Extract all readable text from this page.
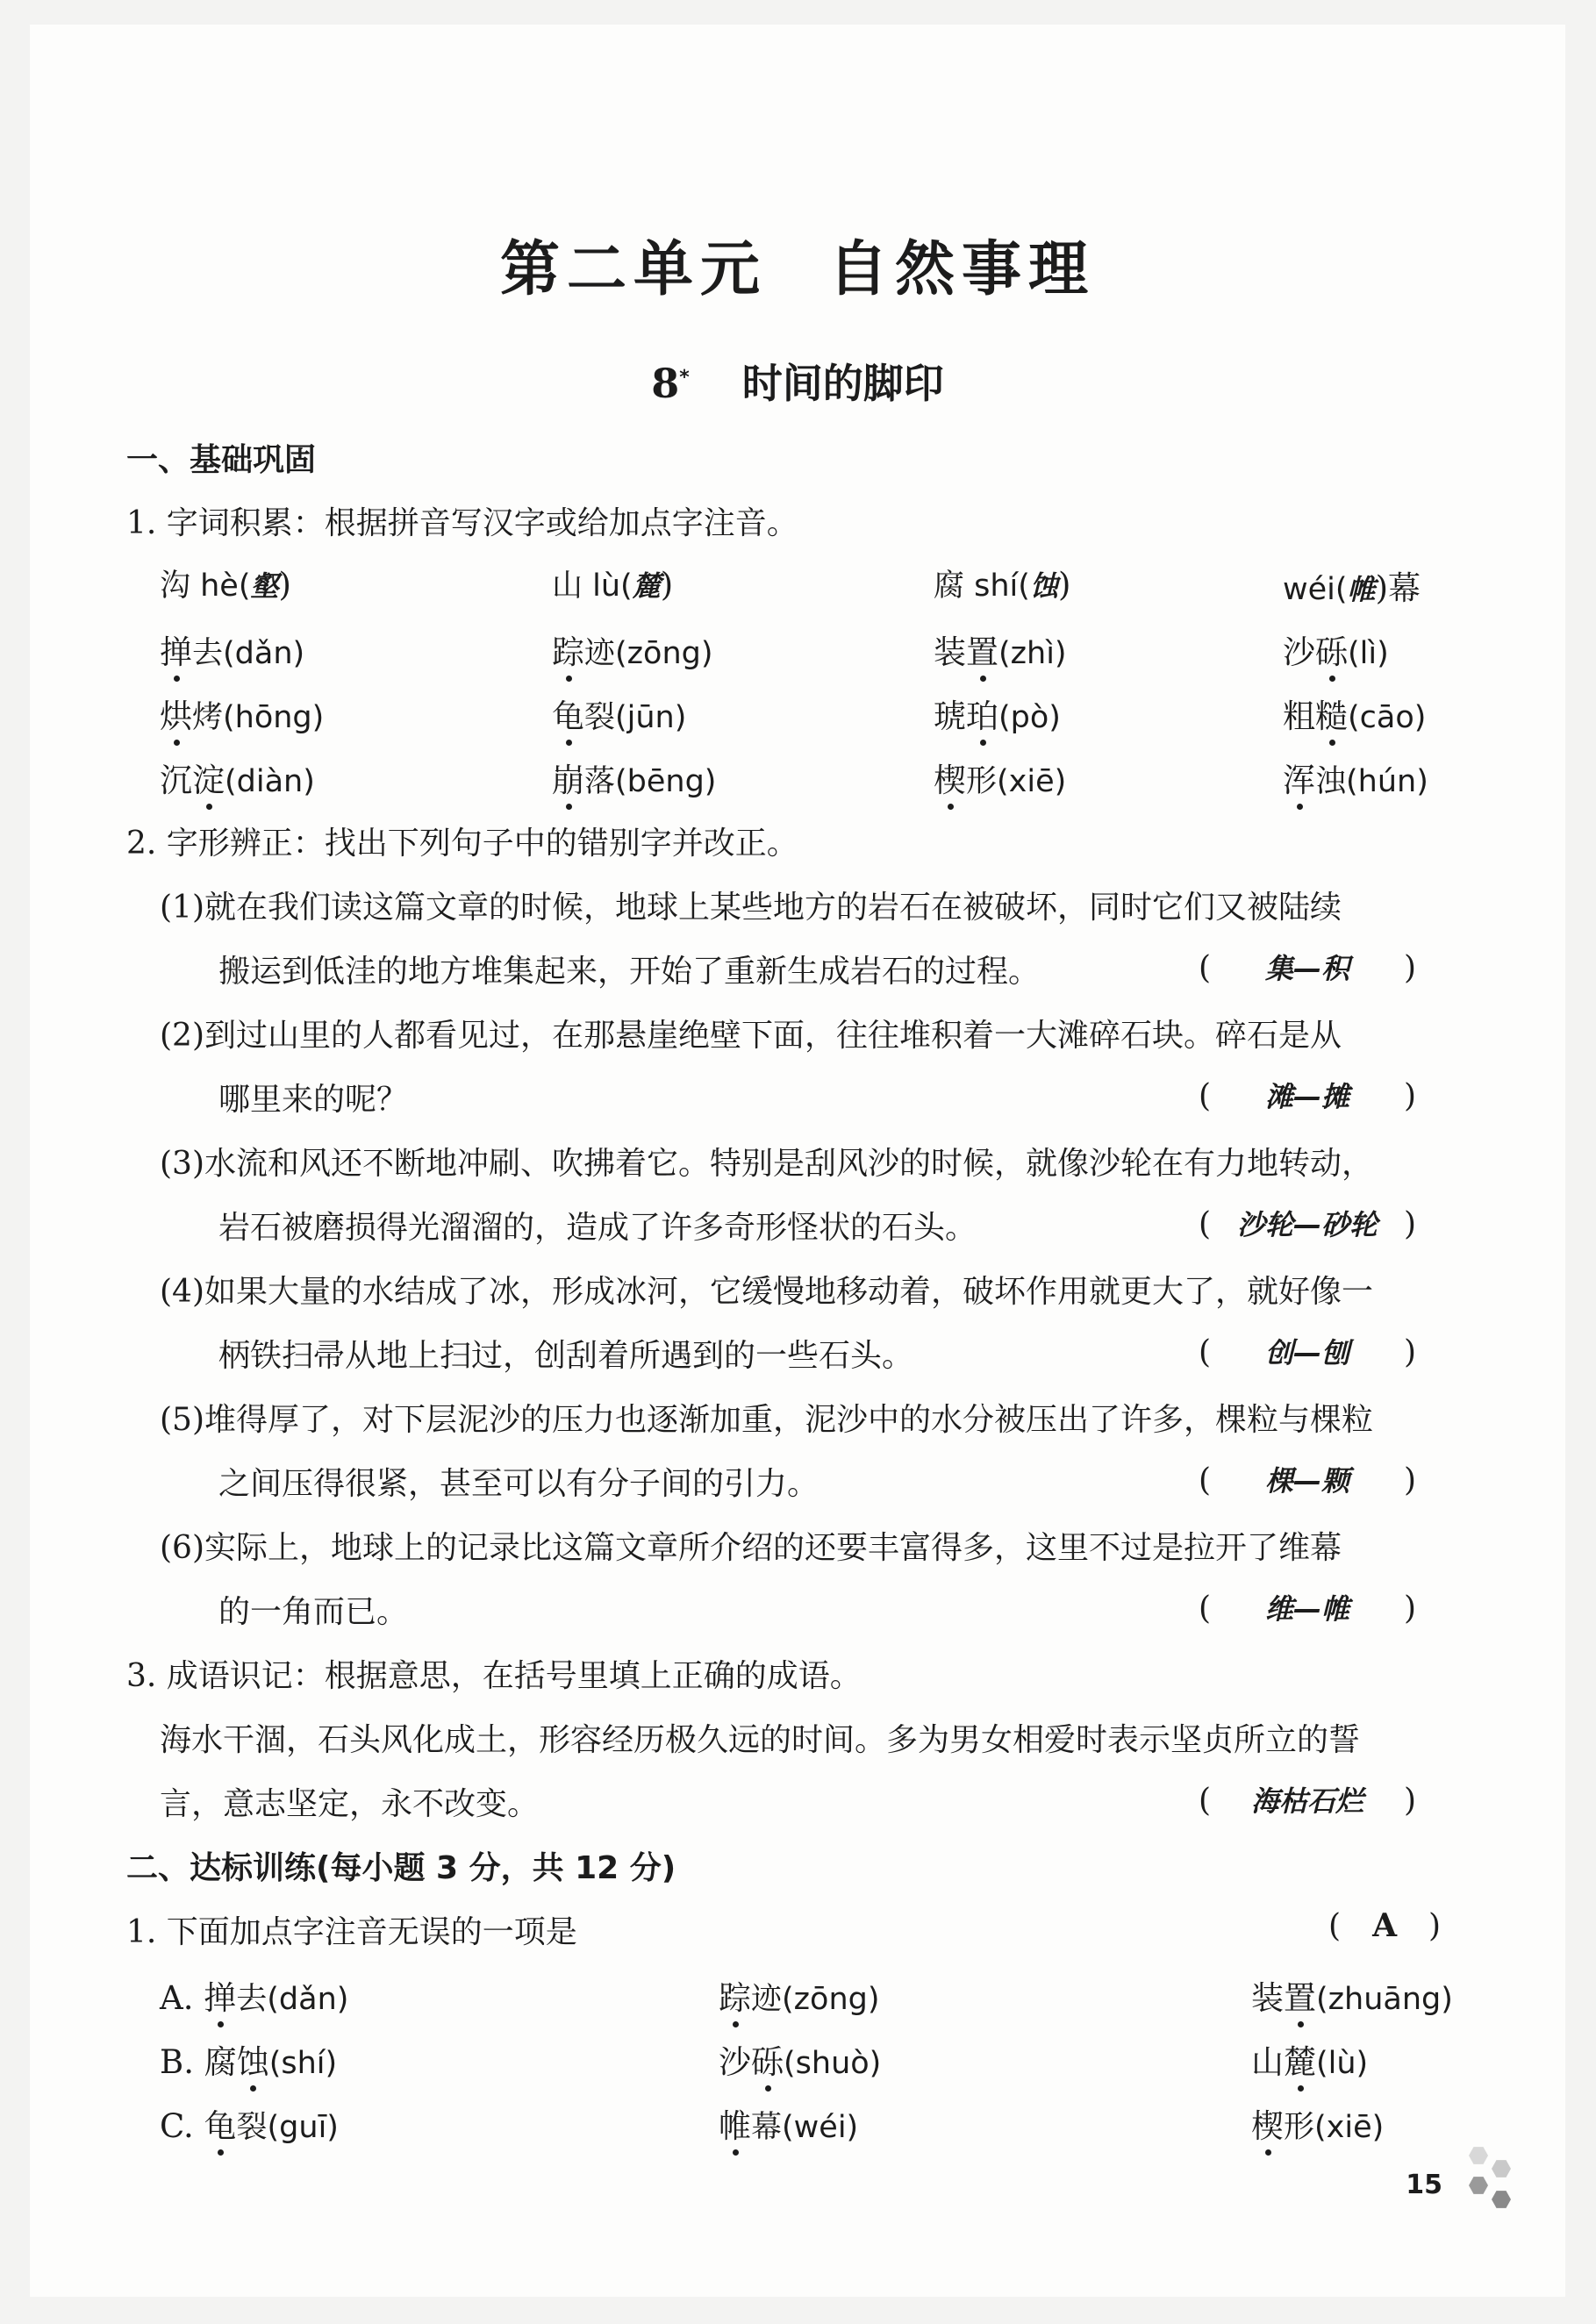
第二单元 自然事理
8* 时间的脚印
一、基础巩固
1. 字词积累：根据拼音写汉字或给加点字注音。
沟 hè(壑)	山 lù(麓)	腐 shí(蚀)	wéi(帷)幕
掸去(dǎn)	踪迹(zōng)	装置(zhì)	沙砾(lì)
烘烤(hōng)	龟裂(jūn)	琥珀(pò)	粗糙(cāo)
沉淀(diàn)	崩落(bēng)	楔形(xiē)	浑浊(hún)
2. 字形辨正：找出下列句子中的错别字并改正。
(1)就在我们读这篇文章的时候，地球上某些地方的岩石在被破坏，同时它们又被陆续
搬运到低洼的地方堆集起来，开始了重新生成岩石的过程。	( 集—积 )
(2)到过山里的人都看见过，在那悬崖绝壁下面，往往堆积着一大滩碎石块。碎石是从
哪里来的呢？	( 滩—摊 )
(3)水流和风还不断地冲刷、吹拂着它。特别是刮风沙的时候，就像沙轮在有力地转动，
岩石被磨损得光溜溜的，造成了许多奇形怪状的石头。	( 沙轮—砂轮 )
(4)如果大量的水结成了冰，形成冰河，它缓慢地移动着，破坏作用就更大了，就好像一
柄铁扫帚从地上扫过，创刮着所遇到的一些石头。	( 创—刨 )
(5)堆得厚了，对下层泥沙的压力也逐渐加重，泥沙中的水分被压出了许多，棵粒与棵粒
之间压得很紧，甚至可以有分子间的引力。	( 棵—颗 )
(6)实际上，地球上的记录比这篇文章所介绍的还要丰富得多，这里不过是拉开了维幕
的一角而已。	( 维—帷 )
3. 成语识记：根据意思，在括号里填上正确的成语。
海水干涸，石头风化成土，形容经历极久远的时间。多为男女相爱时表示坚贞所立的誓
言，意志坚定，永不改变。	( 海枯石烂 )
二、达标训练(每小题 3 分，共 12 分)
1. 下面加点字注音无误的一项是	( A )
A. 掸去(dǎn)	踪迹(zōng)	装置(zhuāng)
B. 腐蚀(shí)	沙砾(shuò)	山麓(lù)
C. 龟裂(guī)	帷幕(wéi)	楔形(xiē)
15
